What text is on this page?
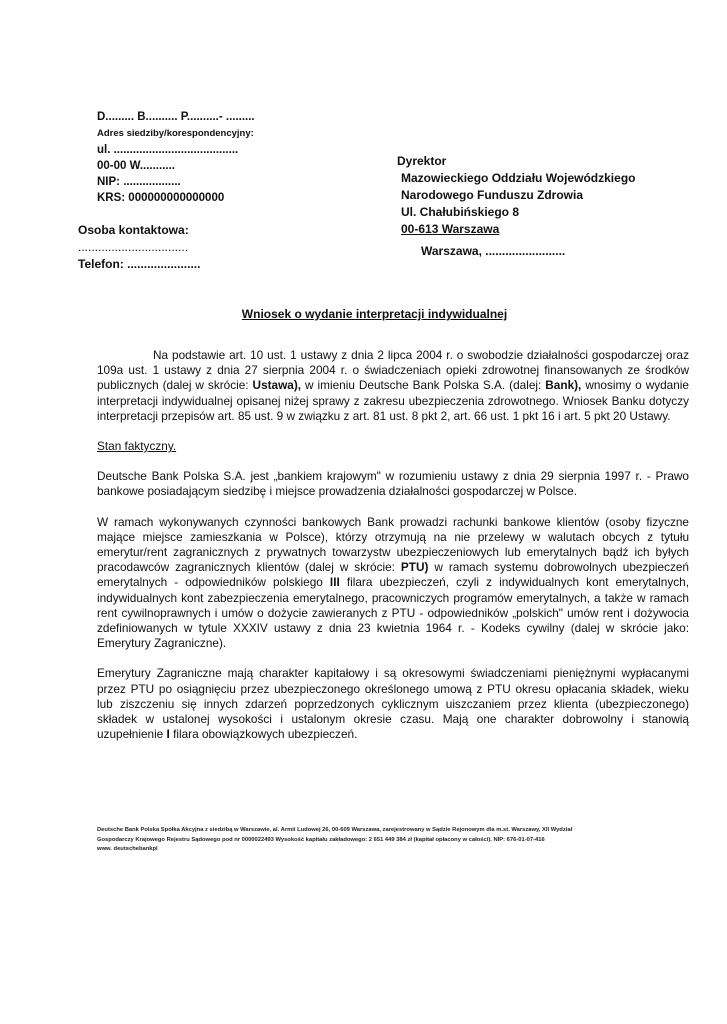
D......... B.......... P..........- .........
Adres siedziby/korespondencyjny:
ul. .......................................
00-00 W...........
NIP: ..................
KRS: 000000000000000
Osoba kontaktowa:
.................................
Telefon: ......................
Dyrektor
Mazowieckiego Oddziału Wojewódzkiego
Narodowego Funduszu Zdrowia
Ul. Chałubińskiego 8
00-613 Warszawa
Warszawa, ........................
Wniosek o wydanie interpretacji indywidualnej

Na podstawie art. 10 ust. 1 ustawy z dnia 2 lipca 2004 r. o swobodzie działalności gospodarczej oraz 109a ust. 1 ustawy z dnia 27 sierpnia 2004 r. o świadczeniach opieki zdrowotnej finansowanych ze środków publicznych (dalej w skrócie: Ustawa), w imieniu Deutsche Bank Polska S.A. (dalej: Bank), wnosimy o wydanie interpretacji indywidualnej opisanej niżej sprawy z zakresu ubezpieczenia zdrowotnego. Wniosek Banku dotyczy interpretacji przepisów art. 85 ust. 9 w związku z art. 81 ust. 8 pkt 2, art. 66 ust. 1 pkt 16 i art. 5 pkt 20 Ustawy.

Stan faktyczny.

Deutsche Bank Polska S.A. jest „bankiem krajowym" w rozumieniu ustawy z dnia 29 sierpnia 1997 r. - Prawo bankowe posiadającym siedzibę i miejsce prowadzenia działalności gospodarczej w Polsce.

W ramach wykonywanych czynności bankowych Bank prowadzi rachunki bankowe klientów (osoby fizyczne mające miejsce zamieszkania w Polsce), którzy otrzymują na nie przelewy w walutach obcych z tytułu emerytur/rent zagranicznych z prywatnych towarzystw ubezpieczeniowych lub emerytalnych bądź ich byłych pracodawców zagranicznych klientów (dalej w skrócie: PTU) w ramach systemu dobrowolnych ubezpieczeń emerytalnych - odpowiedników polskiego III filara ubezpieczeń, czyli z indywidualnych kont emerytalnych, indywidualnych kont zabezpieczenia emerytalnego, pracowniczych programów emerytalnych, a także w ramach rent cywilnoprawnych i umów o dożycie zawieranych z PTU - odpowiedników „polskich" umów rent i dożywocia zdefiniowanych w tytule XXXIV ustawy z dnia 23 kwietnia 1964 r. - Kodeks cywilny (dalej w skrócie jako: Emerytury Zagraniczne).

Emerytury Zagraniczne mają charakter kapitałowy i są okresowymi świadczeniami pieniężnymi wypłacanymi przez PTU po osiągnięciu przez ubezpieczonego określonego umową z PTU okresu opłacania składek, wieku lub ziszczeniu się innych zdarzeń poprzedzonych cyklicznym uiszczaniem przez klienta (ubezpieczonego) składek w ustalonej wysokości i ustalonym okresie czasu. Mają one charakter dobrowolny i stanowią uzupełnienie I filara obowiązkowych ubezpieczeń.

Deutsche Bank Polska Spółka Akcyjna z siedzibą w Warszawie, al. Armii Ludowej 26, 00-609 Warszawa, zarejestrowany w Sądzie Rejonowym dla m.st. Warszawy, XII Wydział
Gospodarczy Krajowego Rejestru Sądowego pod nr 0000022493 Wysokość kapitału zakładowego: 2 651 449 384 zł (kapitał opłacony w całości). NIP: 676-01-07-416
www. deutschebankpl
